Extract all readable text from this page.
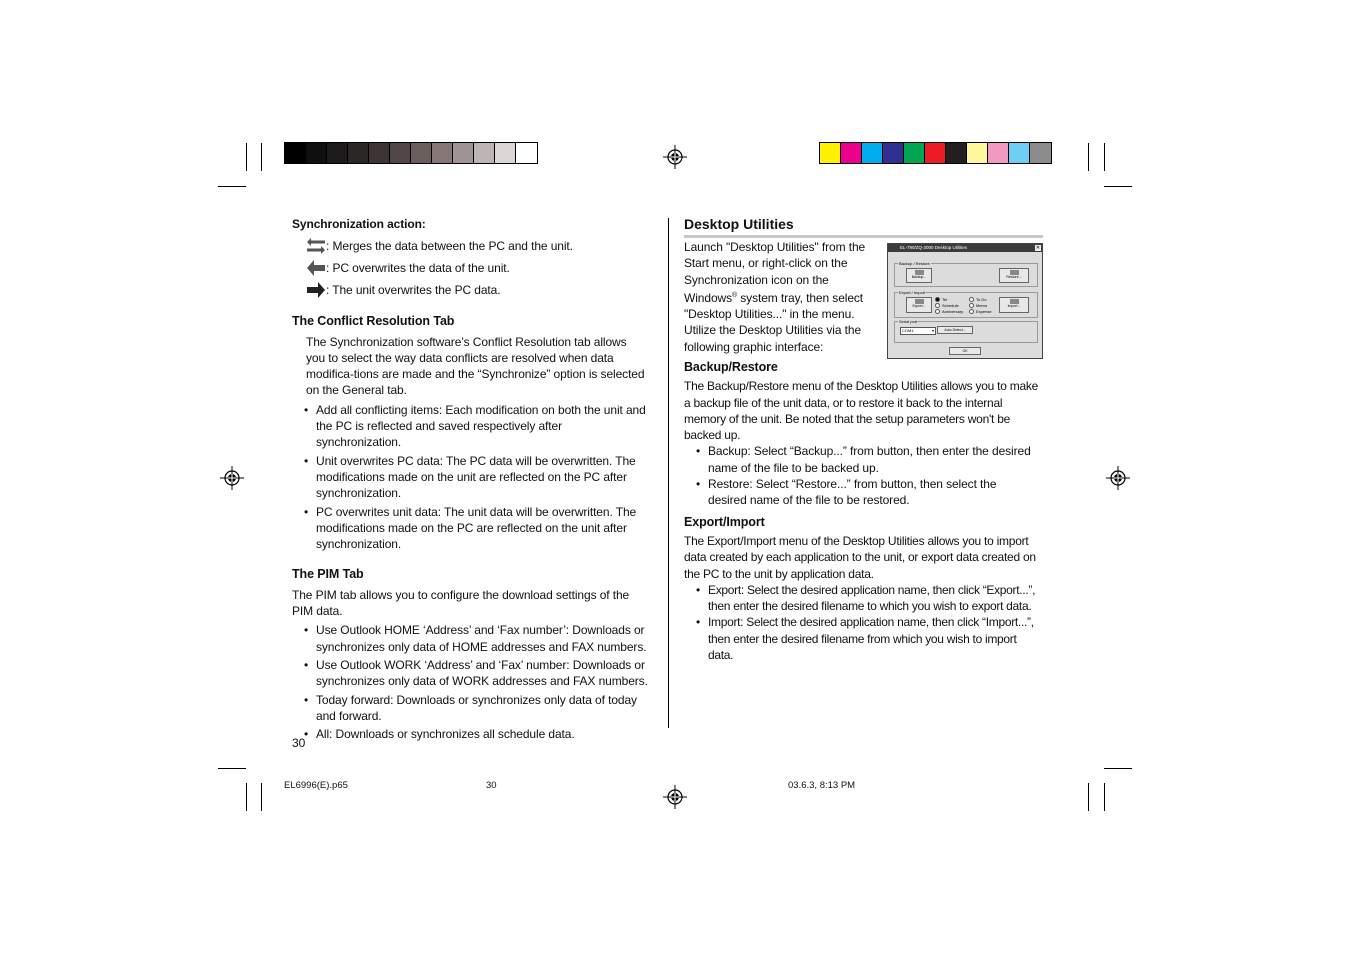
Synchronization action:

: Merges the data between the PC and the unit.
: PC overwrites the data of the unit.
: The unit overwrites the PC data.

The Conflict Resolution Tab

The Synchronization software’s Conflict Resolution tab allows you to select the way data conflicts are resolved when data modifica-tions are made and the “Synchronize” option is selected on the General tab.

• Add all conflicting items: Each modification on both the unit and the PC is reflected and saved respectively after synchronization.
• Unit overwrites PC data: The PC data will be overwritten. The modifications made on the unit are reflected on the PC after synchronization.
• PC overwrites unit data: The unit data will be overwritten. The modifications made on the PC are reflected on the unit after synchronization.

The PIM Tab

The PIM tab allows you to configure the download settings of the PIM data.

• Use Outlook HOME ‘Address’ and ‘Fax number’: Downloads or synchronizes only data of HOME addresses and FAX numbers.
• Use Outlook WORK ‘Address’ and ‘Fax’ number: Downloads or synchronizes only data of WORK addresses and FAX numbers.
• Today forward: Downloads or synchronizes only data of today and forward.
• All: Downloads or synchronizes all schedule data.
30
Desktop Utilities
Launch "Desktop Utilities" from the Start menu, or right-click on the Synchronization icon on the Windows® system tray, then select "Desktop Utilities..." in the menu. Utilize the Desktop Utilities via the following graphic interface:
EL-790/ZQ-2000 Desktop Utilities	✕
Backup / Restore
Backup...	Restore...
Export / Import
Export...
Tel
Schedule
Anniversary
To Do
Memo
Expense
Import...
Serial port
COM1	▾	Auto Detect...
OK

Backup/Restore

The Backup/Restore menu of the Desktop Utilities allows you to make a backup file of the unit data, or to restore it back to the internal memory of the unit. Be noted that the setup parameters won't be backed up.

• Backup: Select “Backup...” from button, then enter the desired name of the file to be backed up.
• Restore: Select “Restore...” from button, then select the desired name of the file to be restored.

Export/Import

The Export/Import menu of the Desktop Utilities allows you to import data created by each application to the unit, or export data created on the PC to the unit by application data.

• Export: Select the desired application name, then click “Export...”, then enter the desired filename to which you wish to export data.
• Import: Select the desired application name, then click “Import...”, then enter the desired filename from which you wish to import data.
EL6996(E).p65	30	03.6.3, 8:13 PM
